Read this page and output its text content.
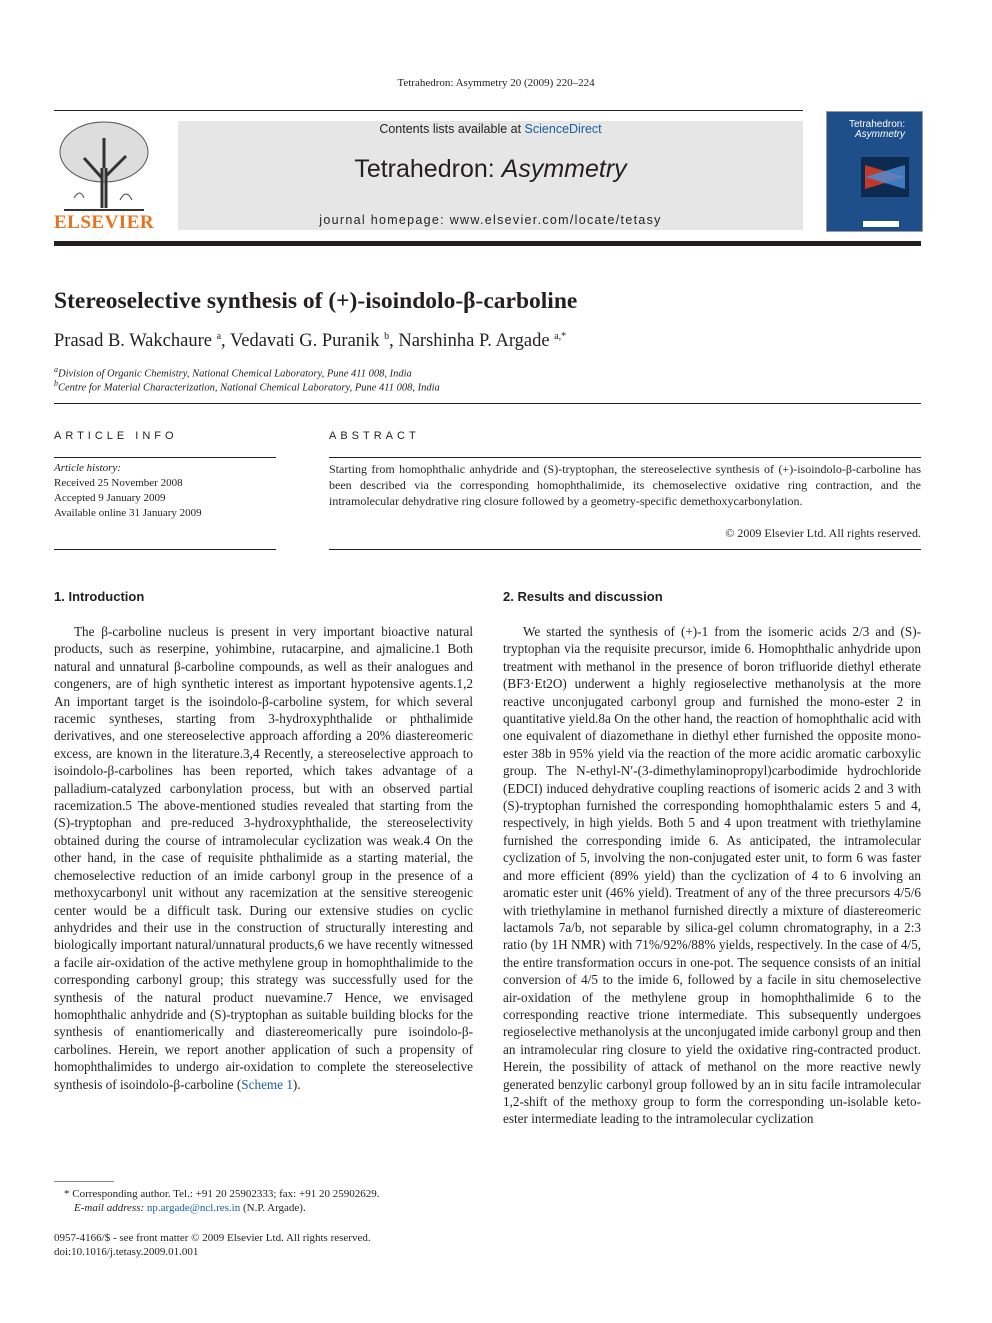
Tetrahedron: Asymmetry 20 (2009) 220–224
ELSEVIER
Contents lists available at ScienceDirect
Tetrahedron: Asymmetry
journal homepage: www.elsevier.com/locate/tetasy
Tetrahedron:
Asymmetry
Stereoselective synthesis of (+)-isoindolo-β-carboline
Prasad B. Wakchaure $^a$, Vedavati G. Puranik $^b$, Narshinha P. Argade $^{a,*}$
$^a$Division of Organic Chemistry, National Chemical Laboratory, Pune 411 008, India
$^b$Centre for Material Characterization, National Chemical Laboratory, Pune 411 008, India
ARTICLE INFO
Article history:
Received 25 November 2008
Accepted 9 January 2009
Available online 31 January 2009
ABSTRACT
Starting from homophthalic anhydride and (S)-tryptophan, the stereoselective synthesis of (+)-isoindolo-β-carboline has been described via the corresponding homophthalimide, its chemoselective oxidative ring contraction, and the intramolecular dehydrative ring closure followed by a geometry-specific demethoxycarbonylation.
© 2009 Elsevier Ltd. All rights reserved.
1. Introduction

The β-carboline nucleus is present in very important bioactive natural products, such as reserpine, yohimbine, rutacarpine, and ajmalicine.1 Both natural and unnatural β-carboline compounds, as well as their analogues and congeners, are of high synthetic interest as important hypotensive agents.1,2 An important target is the isoindolo-β-carboline system, for which several racemic syntheses, starting from 3-hydroxyphthalide or phthalimide derivatives, and one stereoselective approach affording a 20% diastereomeric excess, are known in the literature.3,4 Recently, a stereoselective approach to isoindolo-β-carbolines has been reported, which takes advantage of a palladium-catalyzed carbonylation process, but with an observed partial racemization.5 The above-mentioned studies revealed that starting from the (S)-tryptophan and pre-reduced 3-hydroxyphthalide, the stereoselectivity obtained during the course of intramolecular cyclization was weak.4 On the other hand, in the case of requisite phthalimide as a starting material, the chemoselective reduction of an imide carbonyl group in the presence of a methoxycarbonyl unit without any racemization at the sensitive stereogenic center would be a difficult task. During our extensive studies on cyclic anhydrides and their use in the construction of structurally interesting and biologically important natural/unnatural products,6 we have recently witnessed a facile air-oxidation of the active methylene group in homophthalimide to the corresponding carbonyl group; this strategy was successfully used for the synthesis of the natural product nuevamine.7 Hence, we envisaged homophthalic anhydride and (S)-tryptophan as suitable building blocks for the synthesis of enantiomerically and diastereomerically pure isoindolo-β-carbolines. Herein, we report another application of such a propensity of homophthalimides to undergo air-oxidation to complete the stereoselective synthesis of isoindolo-β-carboline (Scheme 1).

2. Results and discussion

We started the synthesis of (+)-1 from the isomeric acids 2/3 and (S)-tryptophan via the requisite precursor, imide 6. Homophthalic anhydride upon treatment with methanol in the presence of boron trifluoride diethyl etherate (BF3·Et2O) underwent a highly regioselective methanolysis at the more reactive unconjugated carbonyl group and furnished the mono-ester 2 in quantitative yield.8a On the other hand, the reaction of homophthalic acid with one equivalent of diazomethane in diethyl ether furnished the opposite mono-ester 38b in 95% yield via the reaction of the more acidic aromatic carboxylic group. The N-ethyl-N′-(3-dimethylaminopropyl)carbodimide hydrochloride (EDCI) induced dehydrative coupling reactions of isomeric acids 2 and 3 with (S)-tryptophan furnished the corresponding homophthalamic esters 5 and 4, respectively, in high yields. Both 5 and 4 upon treatment with triethylamine furnished the corresponding imide 6. As anticipated, the intramolecular cyclization of 5, involving the non-conjugated ester unit, to form 6 was faster and more efficient (89% yield) than the cyclization of 4 to 6 involving an aromatic ester unit (46% yield). Treatment of any of the three precursors 4/5/6 with triethylamine in methanol furnished directly a mixture of diastereomeric lactamols 7a/b, not separable by silica-gel column chromatography, in a 2:3 ratio (by 1H NMR) with 71%/92%/88% yields, respectively. In the case of 4/5, the entire transformation occurs in one-pot. The sequence consists of an initial conversion of 4/5 to the imide 6, followed by a facile in situ chemoselective air-oxidation of the methylene group in homophthalimide 6 to the corresponding reactive trione intermediate. This subsequently undergoes regioselective methanolysis at the unconjugated imide carbonyl group and then an intramolecular ring closure to yield the oxidative ring-contracted product. Herein, the possibility of attack of methanol on the more reactive newly generated benzylic carbonyl group followed by an in situ facile intramolecular 1,2-shift of the methoxy group to form the corresponding un-isolable keto-ester intermediate leading to the intramolecular cyclization

* Corresponding author. Tel.: +91 20 25902333; fax: +91 20 25902629.
E-mail address: np.argade@ncl.res.in (N.P. Argade).
0957-4166/$ - see front matter © 2009 Elsevier Ltd. All rights reserved.
doi:10.1016/j.tetasy.2009.01.001
